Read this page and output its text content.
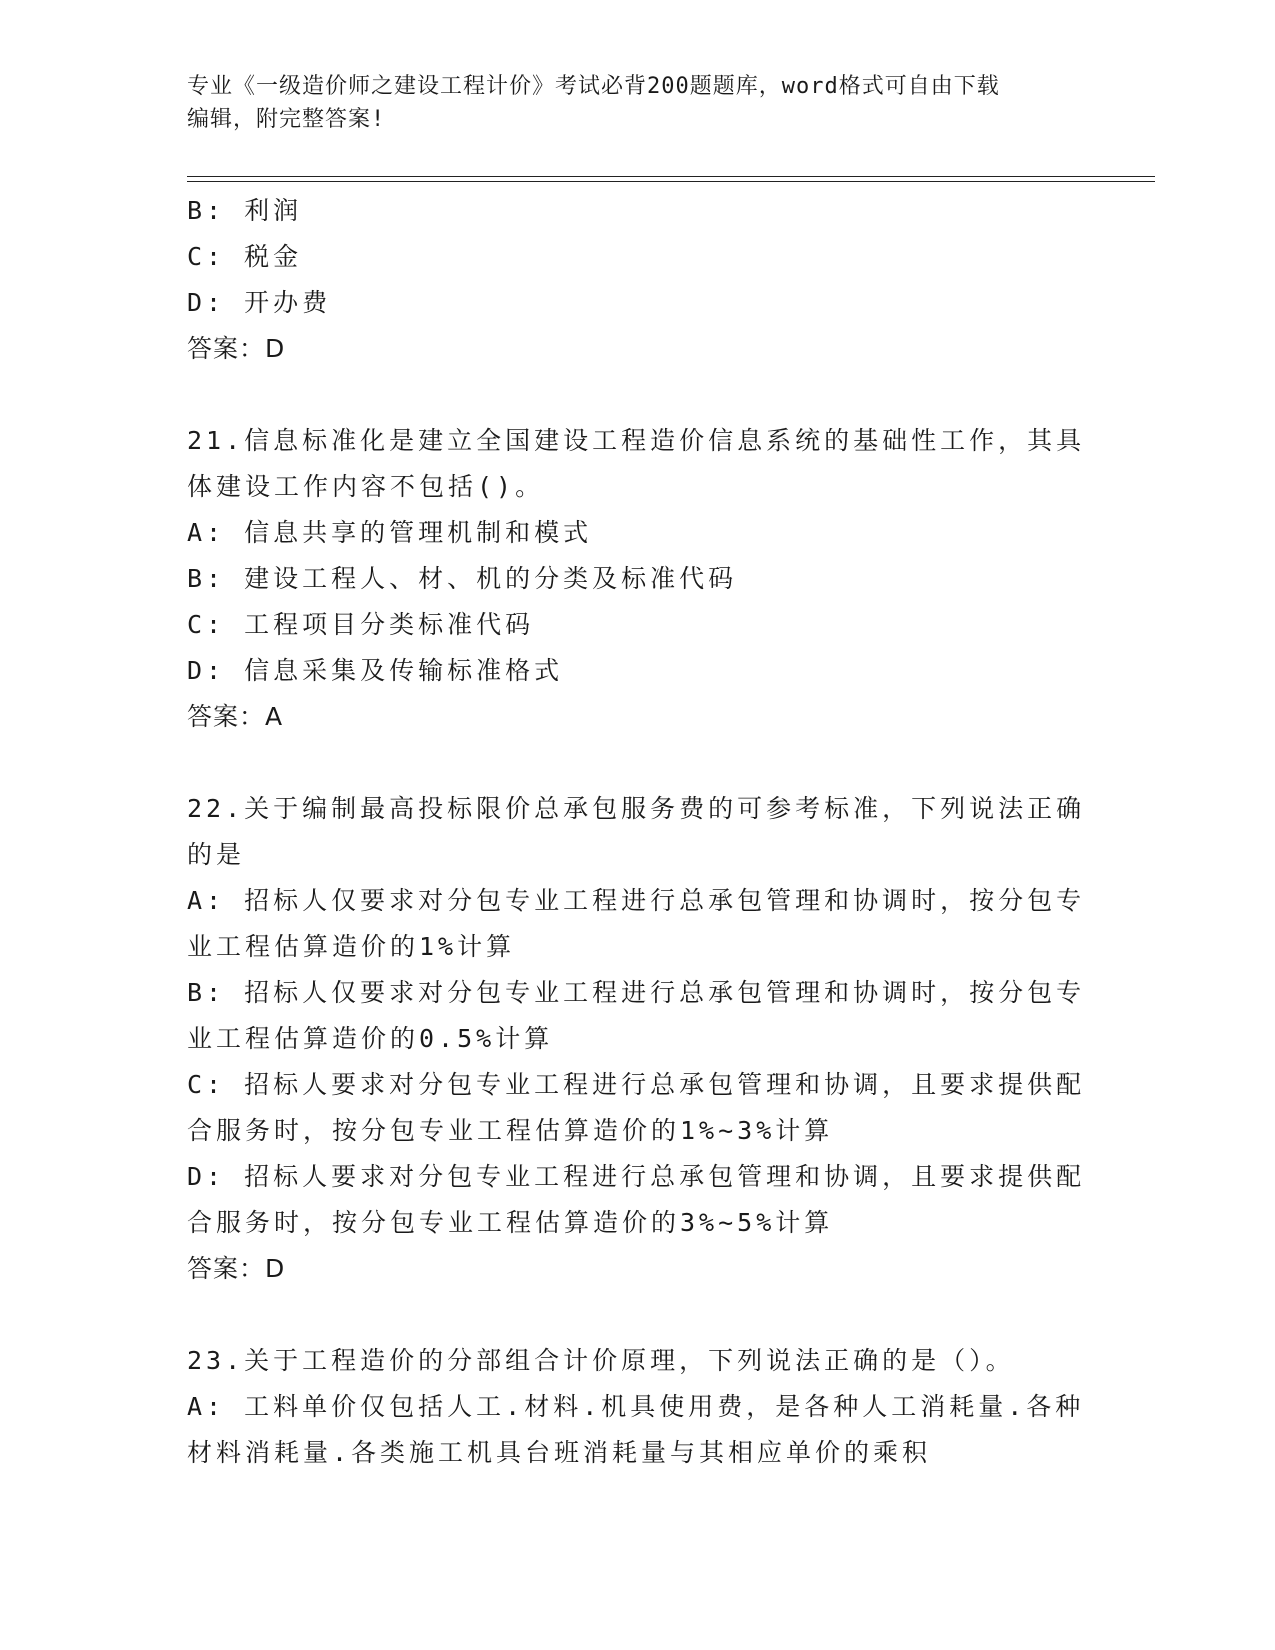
专业《一级造价师之建设工程计价》考试必背200题题库，word格式可自由下载
编辑，附完整答案!

B: 利润

C: 税金

D: 开办费

答案：D

21.信息标准化是建立全国建设工程造价信息系统的基础性工作，其具

体建设工作内容不包括()。

A: 信息共享的管理机制和模式

B: 建设工程人、材、机的分类及标准代码

C: 工程项目分类标准代码

D: 信息采集及传输标准格式

答案：A

22.关于编制最高投标限价总承包服务费的可参考标准，下列说法正确

的是

A: 招标人仅要求对分包专业工程进行总承包管理和协调时，按分包专

业工程估算造价的1%计算

B: 招标人仅要求对分包专业工程进行总承包管理和协调时，按分包专

业工程估算造价的0.5%计算

C: 招标人要求对分包专业工程进行总承包管理和协调，且要求提供配

合服务时，按分包专业工程估算造价的1%~3%计算

D: 招标人要求对分包专业工程进行总承包管理和协调，且要求提供配

合服务时，按分包专业工程估算造价的3%~5%计算

答案：D

23.关于工程造价的分部组合计价原理，下列说法正确的是（）。

A: 工料单价仅包括人工.材料.机具使用费，是各种人工消耗量.各种

材料消耗量.各类施工机具台班消耗量与其相应单价的乘积
